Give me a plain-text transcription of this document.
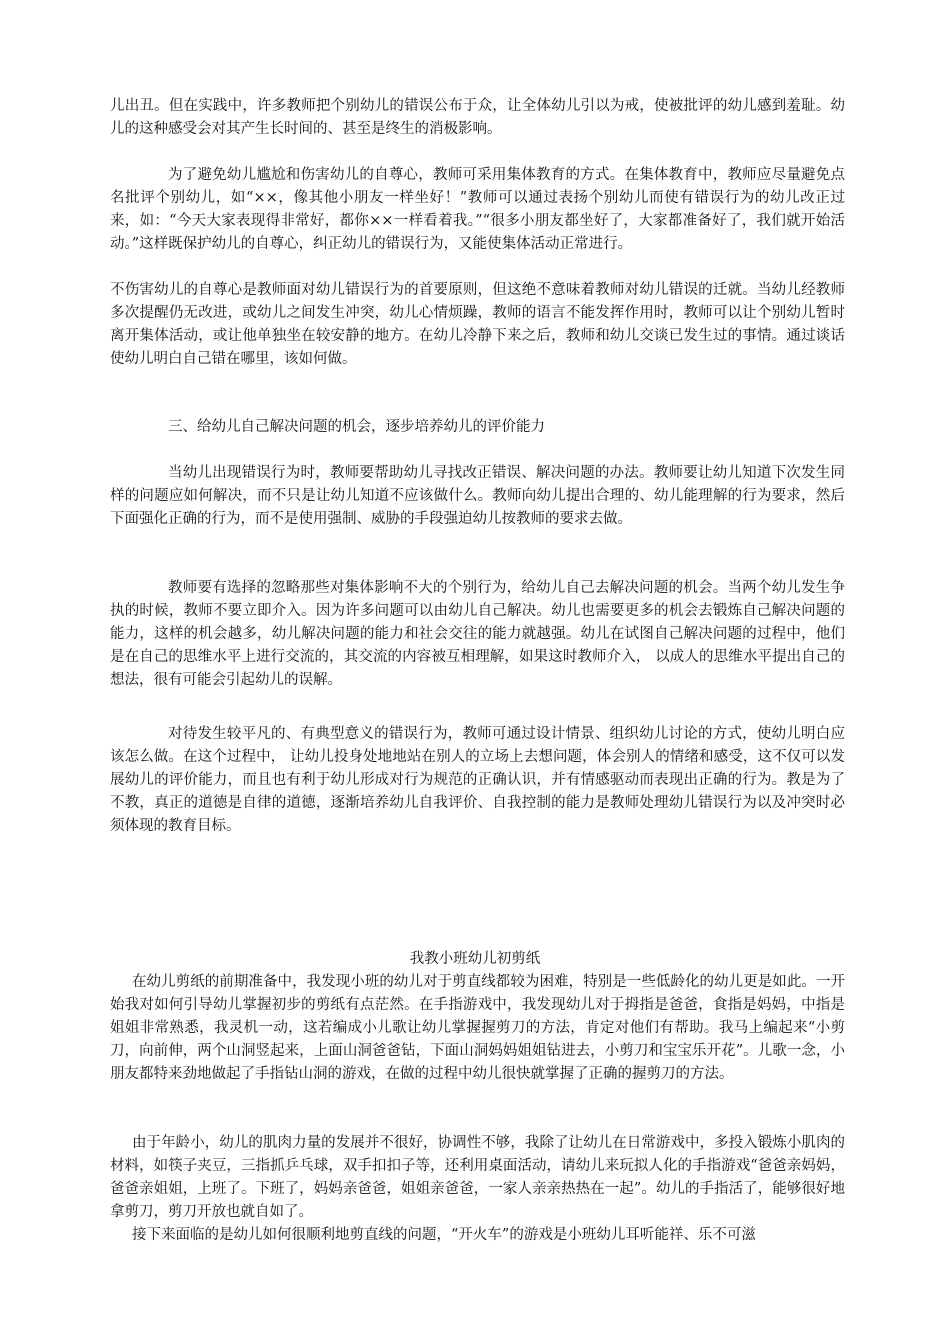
儿出丑。但在实践中，许多教师把个别幼儿的错误公布于众，让全体幼儿引以为戒，使被批评的幼儿感到羞耻。幼儿的这种感受会对其产生长时间的、甚至是终生的消极影响。

为了避免幼儿尴尬和伤害幼儿的自尊心，教师可采用集体教育的方式。在集体教育中，教师应尽量避免点名批评个别幼儿，如“××，像其他小朋友一样坐好！”教师可以通过表扬个别幼儿而使有错误行为的幼儿改正过来，如：“今天大家表现得非常好，都你××一样看着我。”“很多小朋友都坐好了，大家都准备好了，我们就开始活动。”这样既保护幼儿的自尊心，纠正幼儿的错误行为，又能使集体活动正常进行。

不伤害幼儿的自尊心是教师面对幼儿错误行为的首要原则，但这绝不意味着教师对幼儿错误的迁就。当幼儿经教师多次提醒仍无改进，或幼儿之间发生冲突，幼儿心情烦躁，教师的语言不能发挥作用时，教师可以让个别幼儿暂时离开集体活动，或让他单独坐在较安静的地方。在幼儿冷静下来之后，教师和幼儿交谈已发生过的事情。通过谈话使幼儿明白自己错在哪里，该如何做。

三、给幼儿自己解决问题的机会，逐步培养幼儿的评价能力

当幼儿出现错误行为时，教师要帮助幼儿寻找改正错误、解决问题的办法。教师要让幼儿知道下次发生同样的问题应如何解决，而不只是让幼儿知道不应该做什么。教师向幼儿提出合理的、幼儿能理解的行为要求，然后下面强化正确的行为，而不是使用强制、威胁的手段强迫幼儿按教师的要求去做。

教师要有选择的忽略那些对集体影响不大的个别行为，给幼儿自己去解决问题的机会。当两个幼儿发生争执的时候，教师不要立即介入。因为许多问题可以由幼儿自己解决。幼儿也需要更多的机会去锻炼自己解决问题的能力，这样的机会越多，幼儿解决问题的能力和社会交往的能力就越强。幼儿在试图自己解决问题的过程中，他们是在自己的思维水平上进行交流的，其交流的内容被互相理解，如果这时教师介入， 以成人的思维水平提出自己的想法，很有可能会引起幼儿的误解。

对待发生较平凡的、有典型意义的错误行为，教师可通过设计情景、组织幼儿讨论的方式，使幼儿明白应该怎么做。在这个过程中， 让幼儿投身处地地站在别人的立场上去想问题，体会别人的情绪和感受，这不仅可以发展幼儿的评价能力，而且也有利于幼儿形成对行为规范的正确认识，并有情感驱动而表现出正确的行为。教是为了不教，真正的道德是自律的道德，逐渐培养幼儿自我评价、自我控制的能力是教师处理幼儿错误行为以及冲突时必须体现的教育目标。

我教小班幼儿初剪纸

在幼儿剪纸的前期准备中，我发现小班的幼儿对于剪直线都较为困难，特别是一些低龄化的幼儿更是如此。一开始我对如何引导幼儿掌握初步的剪纸有点茫然。在手指游戏中，我发现幼儿对于拇指是爸爸，食指是妈妈，中指是姐姐非常熟悉，我灵机一动，这若编成小儿歌让幼儿掌握握剪刀的方法，肯定对他们有帮助。我马上编起来“小剪刀，向前伸，两个山洞竖起来，上面山洞爸爸钻，下面山洞妈妈姐姐钻进去，小剪刀和宝宝乐开花”。儿歌一念，小朋友都特来劲地做起了手指钻山洞的游戏，在做的过程中幼儿很快就掌握了正确的握剪刀的方法。

由于年龄小，幼儿的肌肉力量的发展并不很好，协调性不够，我除了让幼儿在日常游戏中，多投入锻炼小肌肉的材料，如筷子夹豆，三指抓乒乓球，双手扣扣子等，还利用桌面活动，请幼儿来玩拟人化的手指游戏“爸爸亲妈妈，爸爸亲姐姐，上班了。下班了，妈妈亲爸爸，姐姐亲爸爸，一家人亲亲热热在一起”。幼儿的手指活了，能够很好地拿剪刀，剪刀开放也就自如了。

接下来面临的是幼儿如何很顺利地剪直线的问题，“开火车”的游戏是小班幼儿耳听能祥、乐不可滋
